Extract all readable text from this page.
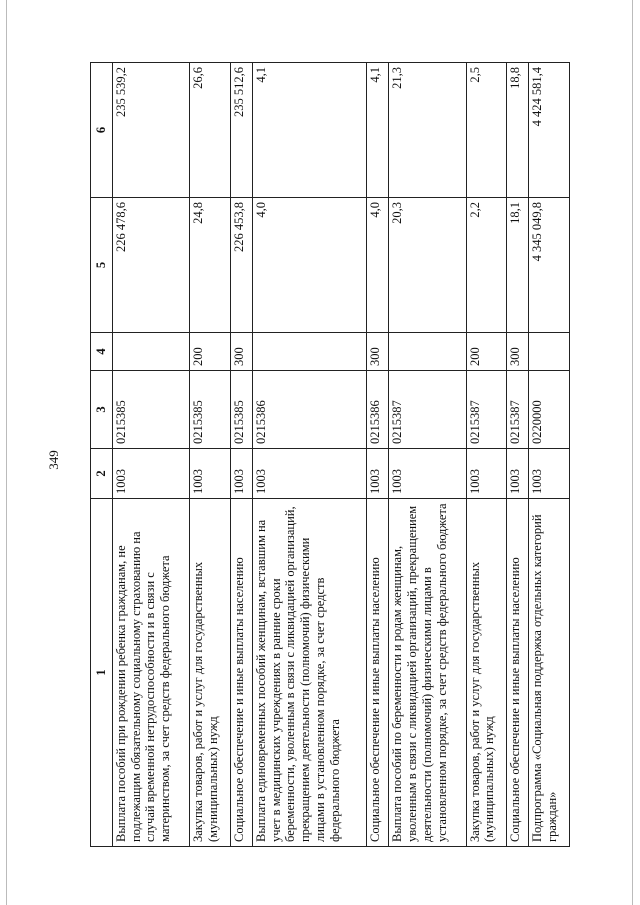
349
1	2	3	4	5	6
Выплата пособий при рождении ребенка гражданам, не подлежащим обязательному социальному страхованию на случай временной нетрудоспособности и в связи с материнством, за счет средств федерального бюджета	1003	0215385		226 478,6	235 539,2
Закупка товаров, работ и услуг для государственных (муниципальных) нужд	1003	0215385	200	24,8	26,6
Социальное обеспечение и иные выплаты населению	1003	0215385	300	226 453,8	235 512,6
Выплата единовременных пособий женщинам, вставшим на учет в медицинских учреждениях в ранние сроки беременности, уволенным в связи с ликвидацией организаций, прекращением деятельности (полномочий) физическими лицами в установленном порядке, за счет средств федерального бюджета	1003	0215386		4,0	4,1
Социальное обеспечение и иные выплаты населению	1003	0215386	300	4,0	4,1
Выплата пособий по беременности и родам женщинам, уволенным в связи с ликвидацией организаций, прекращением деятельности (полномочий) физическими лицами в установленном порядке, за счет средств федерального бюджета	1003	0215387		20,3	21,3
Закупка товаров, работ и услуг для государственных (муниципальных) нужд	1003	0215387	200	2,2	2,5
Социальное обеспечение и иные выплаты населению	1003	0215387	300	18,1	18,8
Подпрограмма «Социальная поддержка отдельных категорий граждан»	1003	0220000		4 345 049,8	4 424 581,4
